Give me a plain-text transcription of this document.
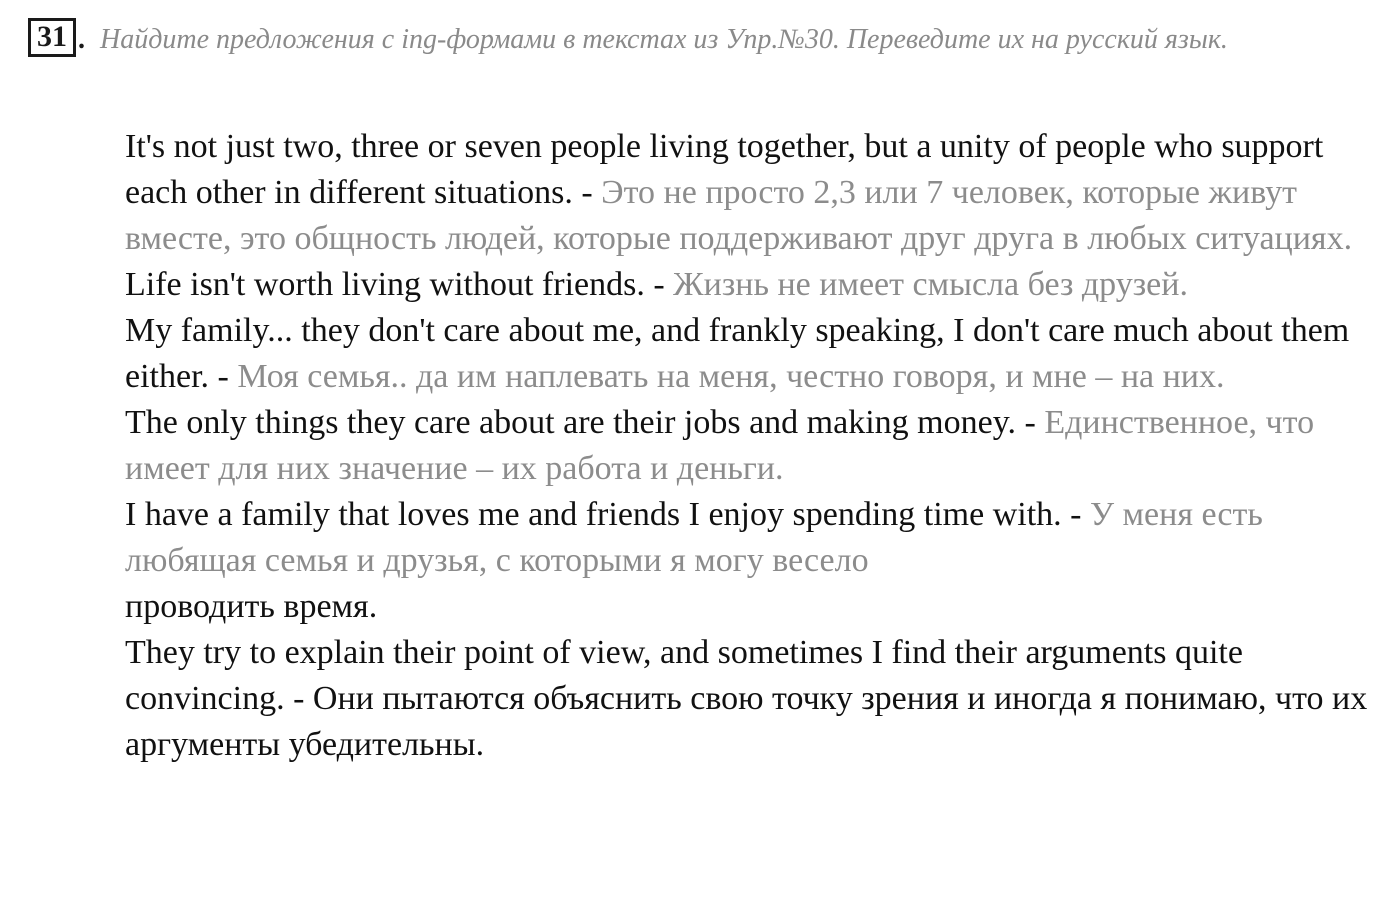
31 . Найдите предложения с ing-формами в текстах из Упр.№30. Переведите их на русский язык.

It's not just two, three or seven people living together, but a unity of people who support each other in different situations. - Это не просто 2,3 или 7 человек, которые живут вместе, это общность людей, которые поддерживают друг друга в любых ситуациях.

Life isn't worth living without friends. - Жизнь не имеет смысла без друзей.

My family... they don't care about me, and frankly speaking, I don't care much about them either. - Моя семья.. да им наплевать на меня, честно говоря, и мне – на них.

The only things they care about are their jobs and making money. - Единственное, что имеет для них значение – их работа и деньги.

I have a family that loves me and friends I enjoy spending time with. - У меня есть любящая семья и друзья, с которыми я могу весело

проводить время.

They try to explain their point of view, and sometimes I find their arguments quite convincing. - Они пытаются объяснить свою точку зрения и иногда я понимаю, что их аргументы убедительны.
